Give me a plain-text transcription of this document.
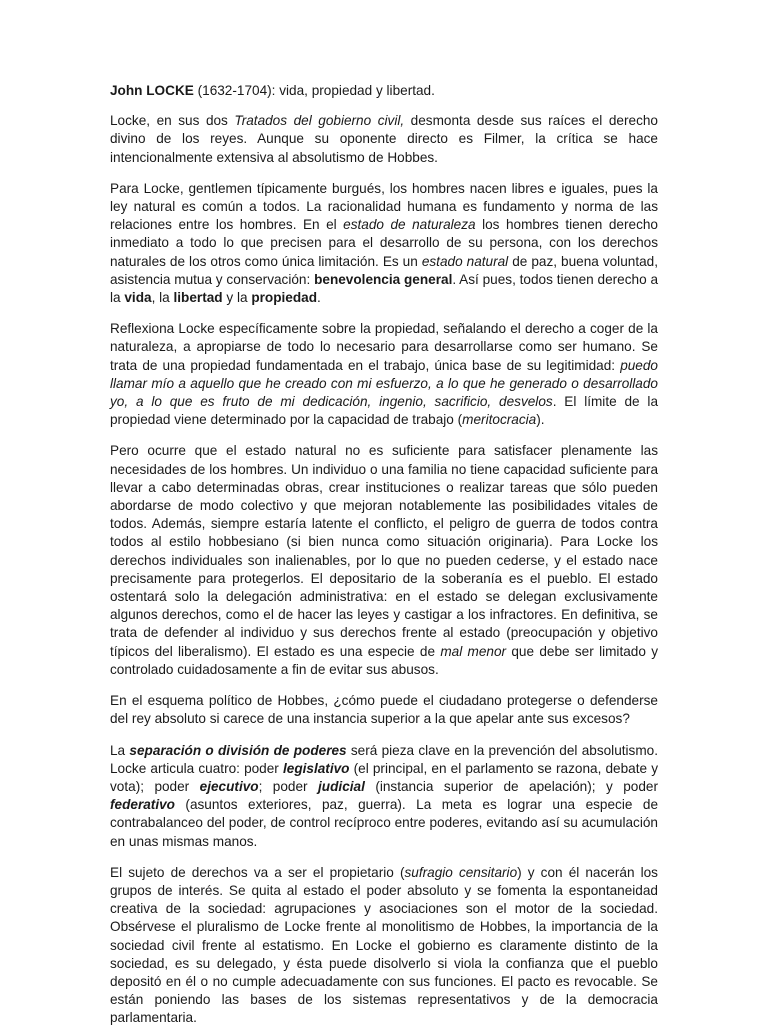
John LOCKE (1632-1704): vida, propiedad y libertad.

Locke, en sus dos Tratados del gobierno civil, desmonta desde sus raíces el derecho divino de los reyes. Aunque su oponente directo es Filmer, la crítica se hace intencionalmente extensiva al absolutismo de Hobbes.

Para Locke, gentlemen típicamente burgués, los hombres nacen libres e iguales, pues la ley natural es común a todos. La racionalidad humana es fundamento y norma de las relaciones entre los hombres. En el estado de naturaleza los hombres tienen derecho inmediato a todo lo que precisen para el desarrollo de su persona, con los derechos naturales de los otros como única limitación. Es un estado natural de paz, buena voluntad, asistencia mutua y conservación: benevolencia general. Así pues, todos tienen derecho a la vida, la libertad y la propiedad.

Reflexiona Locke específicamente sobre la propiedad, señalando el derecho a coger de la naturaleza, a apropiarse de todo lo necesario para desarrollarse como ser humano. Se trata de una propiedad fundamentada en el trabajo, única base de su legitimidad: puedo llamar mío a aquello que he creado con mi esfuerzo, a lo que he generado o desarrollado yo, a lo que es fruto de mi dedicación, ingenio, sacrificio, desvelos. El límite de la propiedad viene determinado por la capacidad de trabajo (meritocracia).

Pero ocurre que el estado natural no es suficiente para satisfacer plenamente las necesidades de los hombres. Un individuo o una familia no tiene capacidad suficiente para llevar a cabo determinadas obras, crear instituciones o realizar tareas que sólo pueden abordarse de modo colectivo y que mejoran notablemente las posibilidades vitales de todos. Además, siempre estaría latente el conflicto, el peligro de guerra de todos contra todos al estilo hobbesiano (si bien nunca como situación originaria). Para Locke los derechos individuales son inalienables, por lo que no pueden cederse, y el estado nace precisamente para protegerlos. El depositario de la soberanía es el pueblo. El estado ostentará solo la delegación administrativa: en el estado se delegan exclusivamente algunos derechos, como el de hacer las leyes y castigar a los infractores. En definitiva, se trata de defender al individuo y sus derechos frente al estado (preocupación y objetivo típicos del liberalismo). El estado es una especie de mal menor que debe ser limitado y controlado cuidadosamente a fin de evitar sus abusos.

En el esquema político de Hobbes, ¿cómo puede el ciudadano protegerse o defenderse del rey absoluto si carece de una instancia superior a la que apelar ante sus excesos?

La separación o división de poderes será pieza clave en la prevención del absolutismo. Locke articula cuatro: poder legislativo (el principal, en el parlamento se razona, debate y vota); poder ejecutivo; poder judicial (instancia superior de apelación); y poder federativo (asuntos exteriores, paz, guerra). La meta es lograr una especie de contrabalanceo del poder, de control recíproco entre poderes, evitando así su acumulación en unas mismas manos.

El sujeto de derechos va a ser el propietario (sufragio censitario) y con él nacerán los grupos de interés. Se quita al estado el poder absoluto y se fomenta la espontaneidad creativa de la sociedad: agrupaciones y asociaciones son el motor de la sociedad. Obsérvese el pluralismo de Locke frente al monolitismo de Hobbes, la importancia de la sociedad civil frente al estatismo. En Locke el gobierno es claramente distinto de la sociedad, es su delegado, y ésta puede disolverlo si viola la confianza que el pueblo depositó en él o no cumple adecuadamente con sus funciones. El pacto es revocable. Se están poniendo las bases de los sistemas representativos y de la democracia parlamentaria.
